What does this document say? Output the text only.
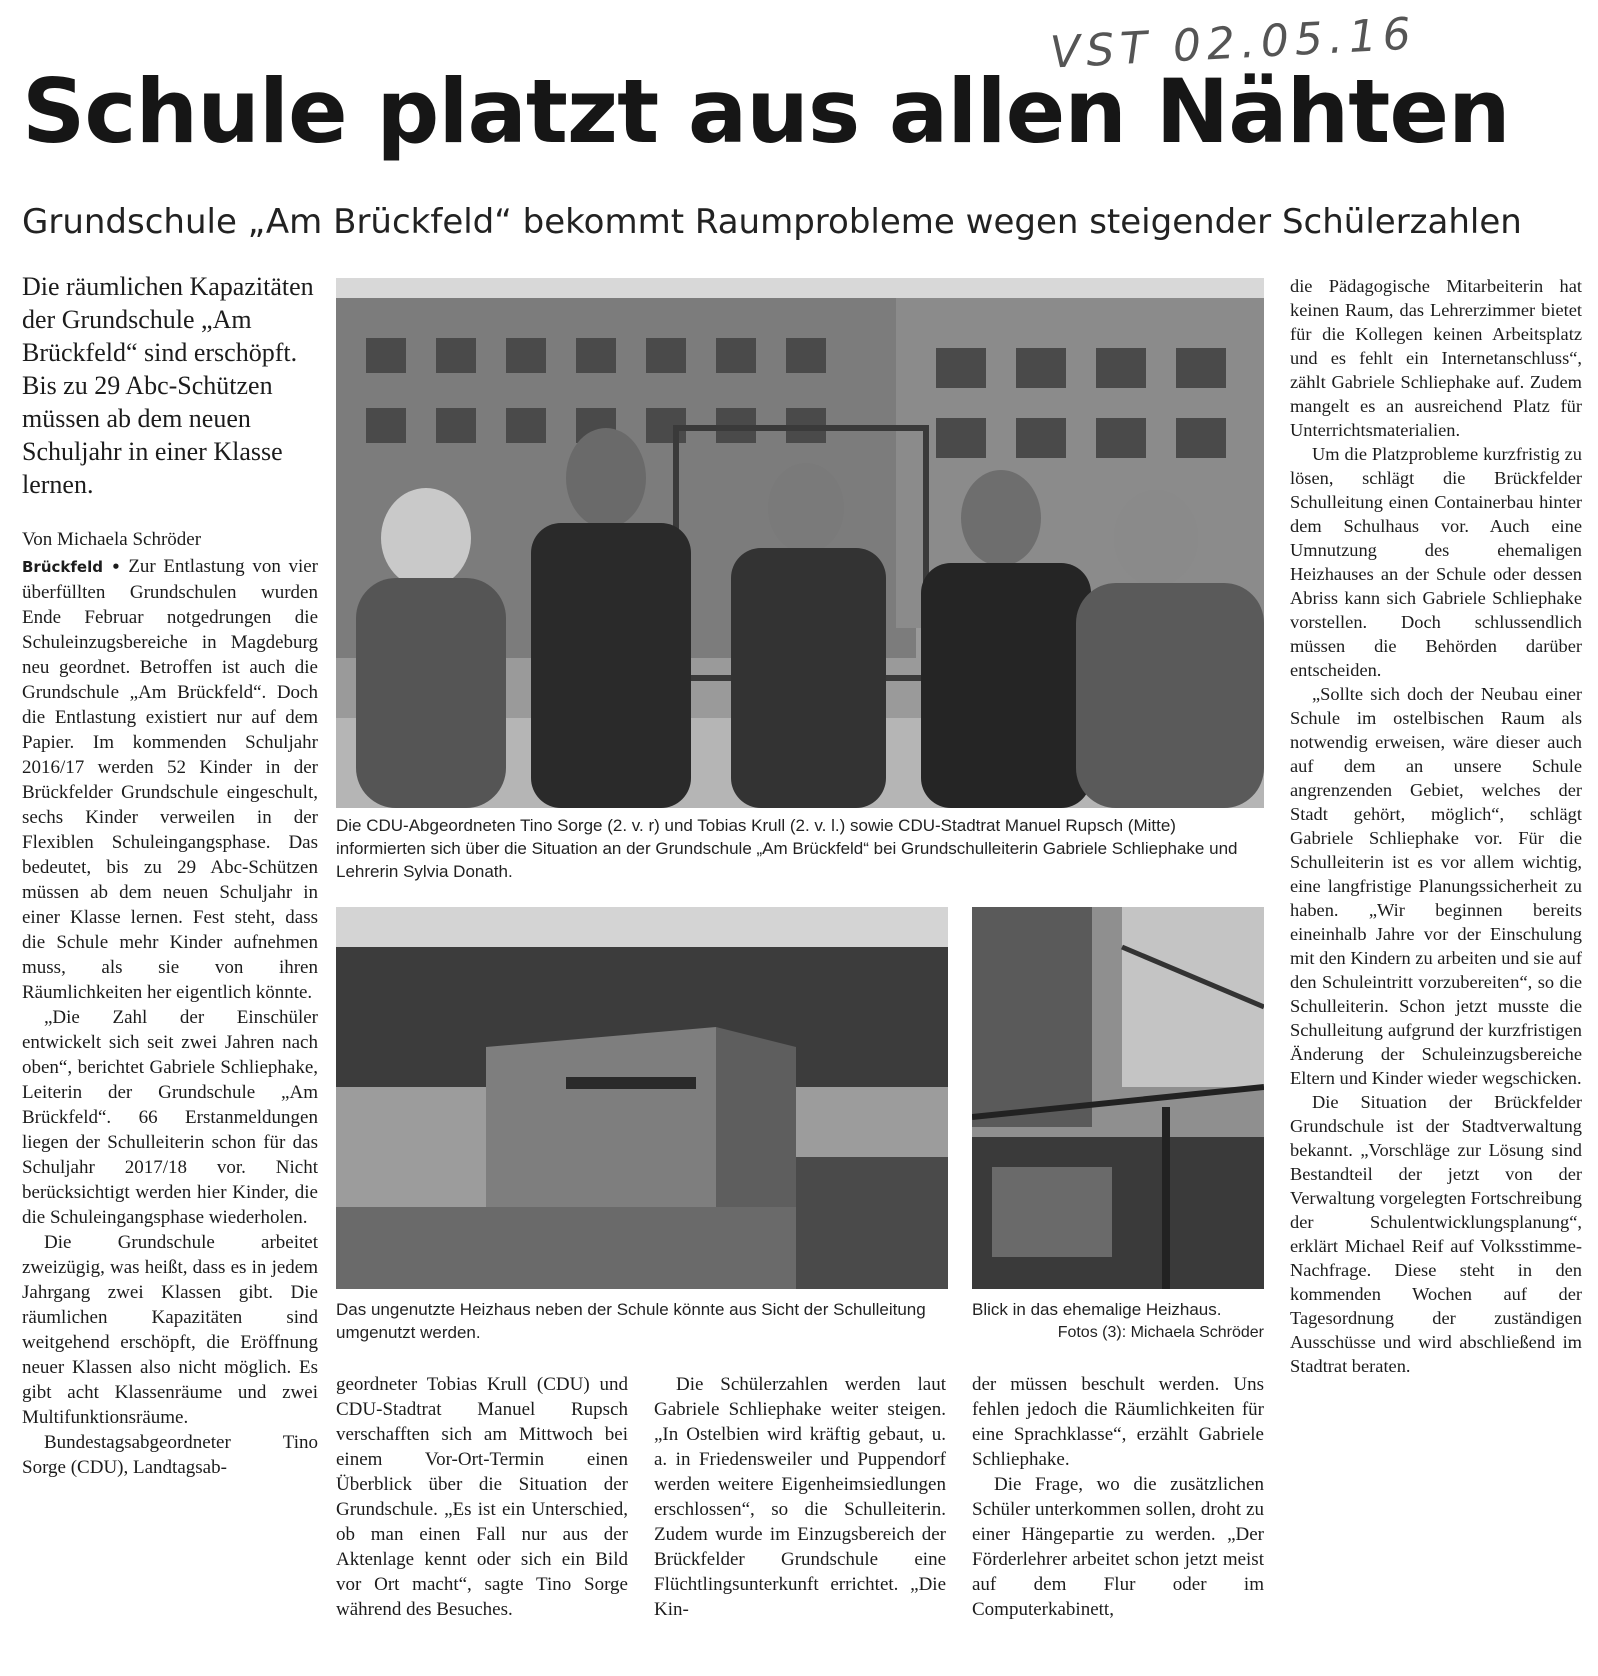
VST 02.05.16
Schule platzt aus allen Nähten
Grundschule „Am Brückfeld“ bekommt Raumprobleme wegen steigender Schülerzahlen
Die räumlichen Kapazitäten der Grundschule „Am Brückfeld“ sind erschöpft. Bis zu 29 Abc-Schützen müssen ab dem neuen Schuljahr in einer Klasse lernen.
Von Michaela Schröder

Brückfeld • Zur Entlastung von vier überfüllten Grundschulen wurden Ende Februar notgedrungen die Schuleinzugsbereiche in Magdeburg neu geordnet. Betroffen ist auch die Grundschule „Am Brückfeld“. Doch die Entlastung existiert nur auf dem Papier. Im kommenden Schuljahr 2016/17 werden 52 Kinder in der Brückfelder Grundschule eingeschult, sechs Kinder verweilen in der Flexiblen Schuleingangsphase. Das bedeutet, bis zu 29 Abc-Schützen müssen ab dem neuen Schuljahr in einer Klasse lernen. Fest steht, dass die Schule mehr Kinder aufnehmen muss, als sie von ihren Räumlichkeiten her eigentlich könnte.

„Die Zahl der Einschüler entwickelt sich seit zwei Jahren nach oben“, berichtet Gabriele Schliephake, Leiterin der Grundschule „Am Brückfeld“. 66 Erstanmeldungen liegen der Schulleiterin schon für das Schuljahr 2017/18 vor. Nicht berücksichtigt werden hier Kinder, die die Schuleingangsphase wiederholen.

Die Grundschule arbeitet zweizügig, was heißt, dass es in jedem Jahrgang zwei Klassen gibt. Die räumlichen Kapazitäten sind weitgehend erschöpft, die Eröffnung neuer Klassen also nicht möglich. Es gibt acht Klassenräume und zwei Multifunktionsräume.

Bundestagsabgeordneter Tino Sorge (CDU), Landtagsab-

Die CDU-Abgeordneten Tino Sorge (2. v. r) und Tobias Krull (2. v. l.) sowie CDU-Stadtrat Manuel Rupsch (Mitte) informierten sich über die Situation an der Grundschule „Am Brückfeld“ bei Grundschulleiterin Gabriele Schliephake und Lehrerin Sylvia Donath.
Das ungenutzte Heizhaus neben der Schule könnte aus Sicht der Schulleitung umgenutzt werden.
Blick in das ehemalige Heizhaus.
Fotos (3): Michaela Schröder

geordneter Tobias Krull (CDU) und CDU-Stadtrat Manuel Rupsch verschafften sich am Mittwoch bei einem Vor-Ort-Termin einen Überblick über die Situation der Grundschule. „Es ist ein Unterschied, ob man einen Fall nur aus der Aktenlage kennt oder sich ein Bild vor Ort macht“, sagte Tino Sorge während des Besuches.

Die Schülerzahlen werden laut Gabriele Schliephake weiter steigen. „In Ostelbien wird kräftig gebaut, u. a. in Friedensweiler und Puppendorf werden weitere Eigenheimsiedlungen erschlossen“, so die Schulleiterin. Zudem wurde im Einzugsbereich der Brückfelder Grundschule eine Flüchtlingsunterkunft errichtet. „Die Kin-

der müssen beschult werden. Uns fehlen jedoch die Räumlichkeiten für eine Sprachklasse“, erzählt Gabriele Schliephake.

Die Frage, wo die zusätzlichen Schüler unterkommen sollen, droht zu einer Hängepartie zu werden. „Der Förderlehrer arbeitet schon jetzt meist auf dem Flur oder im Computerkabinett,

die Pädagogische Mitarbeiterin hat keinen Raum, das Lehrerzimmer bietet für die Kollegen keinen Arbeitsplatz und es fehlt ein Internetanschluss“, zählt Gabriele Schliephake auf. Zudem mangelt es an ausreichend Platz für Unterrichtsmaterialien.

Um die Platzprobleme kurzfristig zu lösen, schlägt die Brückfelder Schulleitung einen Containerbau hinter dem Schulhaus vor. Auch eine Umnutzung des ehemaligen Heizhauses an der Schule oder dessen Abriss kann sich Gabriele Schliephake vorstellen. Doch schlussendlich müssen die Behörden darüber entscheiden.

„Sollte sich doch der Neubau einer Schule im ostelbischen Raum als notwendig erweisen, wäre dieser auch auf dem an unsere Schule angrenzenden Gebiet, welches der Stadt gehört, möglich“, schlägt Gabriele Schliephake vor. Für die Schulleiterin ist es vor allem wichtig, eine langfristige Planungssicherheit zu haben. „Wir beginnen bereits eineinhalb Jahre vor der Einschulung mit den Kindern zu arbeiten und sie auf den Schuleintritt vorzubereiten“, so die Schulleiterin. Schon jetzt musste die Schulleitung aufgrund der kurzfristigen Änderung der Schuleinzugsbereiche Eltern und Kinder wieder wegschicken.

Die Situation der Brückfelder Grundschule ist der Stadtverwaltung bekannt. „Vorschläge zur Lösung sind Bestandteil der jetzt von der Verwaltung vorgelegten Fortschreibung der Schulentwicklungsplanung“, erklärt Michael Reif auf Volksstimme-Nachfrage. Diese steht in den kommenden Wochen auf der Tagesordnung der zuständigen Ausschüsse und wird abschließend im Stadtrat beraten.
